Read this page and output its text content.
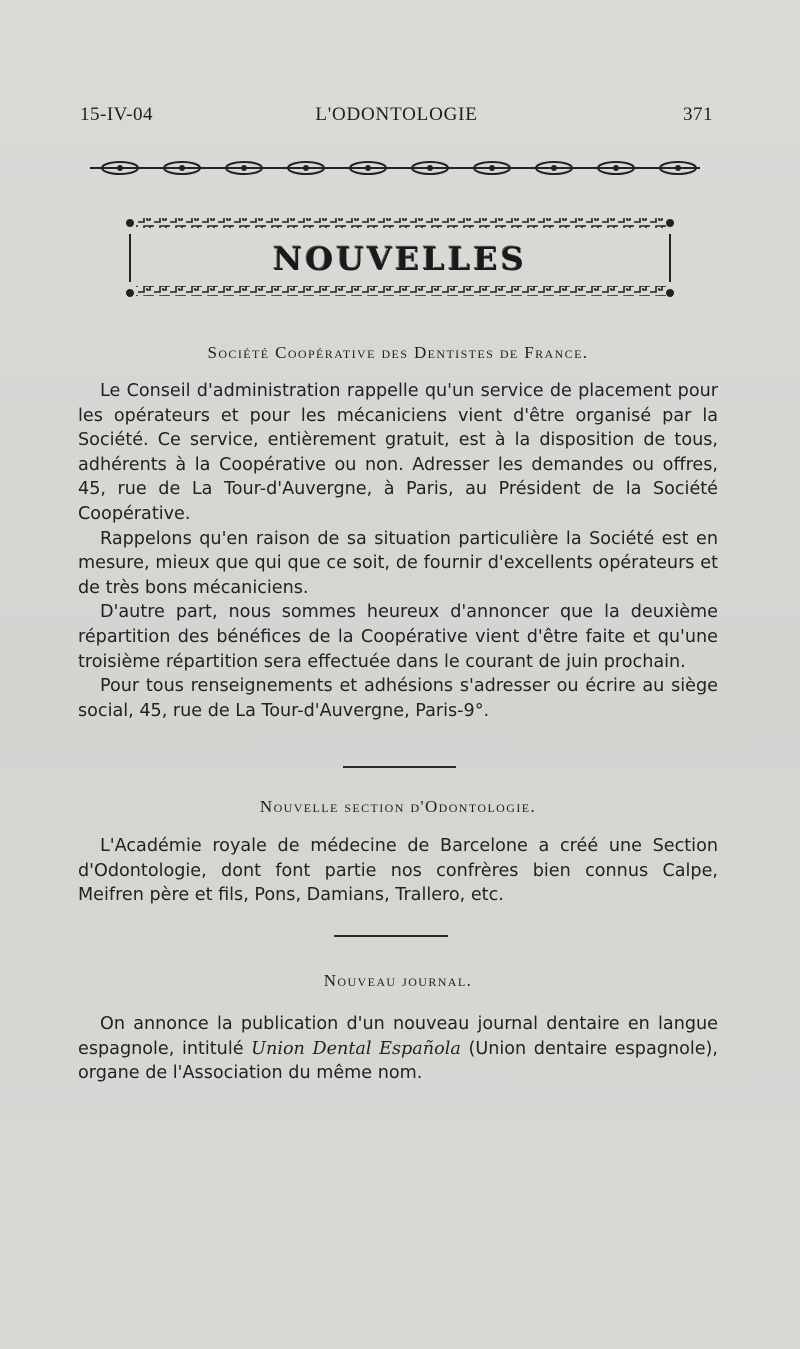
15-IV-04	L'ODONTOLOGIE	371
NOUVELLES
Société Coopérative des Dentistes de France.

Le Conseil d'administration rappelle qu'un service de placement pour les opérateurs et pour les mécaniciens vient d'être organisé par la Société. Ce service, entièrement gratuit, est à la disposition de tous, adhérents à la Coopérative ou non. Adresser les demandes ou offres, 45, rue de La Tour-d'Auvergne, à Paris, au Président de la Société Coopérative.

Rappelons qu'en raison de sa situation particulière la Société est en mesure, mieux que qui que ce soit, de fournir d'excellents opérateurs et de très bons mécaniciens.

D'autre part, nous sommes heureux d'annoncer que la deuxième répartition des bénéfices de la Coopérative vient d'être faite et qu'une troisième répartition sera effectuée dans le courant de juin prochain.

Pour tous renseignements et adhésions s'adresser ou écrire au siège social, 45, rue de La Tour-d'Auvergne, Paris-9°.

Nouvelle section d'Odontologie.

L'Académie royale de médecine de Barcelone a créé une Section d'Odontologie, dont font partie nos confrères bien connus Calpe, Meifren père et fils, Pons, Damians, Trallero, etc.

Nouveau journal.

On annonce la publication d'un nouveau journal dentaire en langue espagnole, intitulé Union Dental Española (Union dentaire espagnole), organe de l'Association du même nom.
